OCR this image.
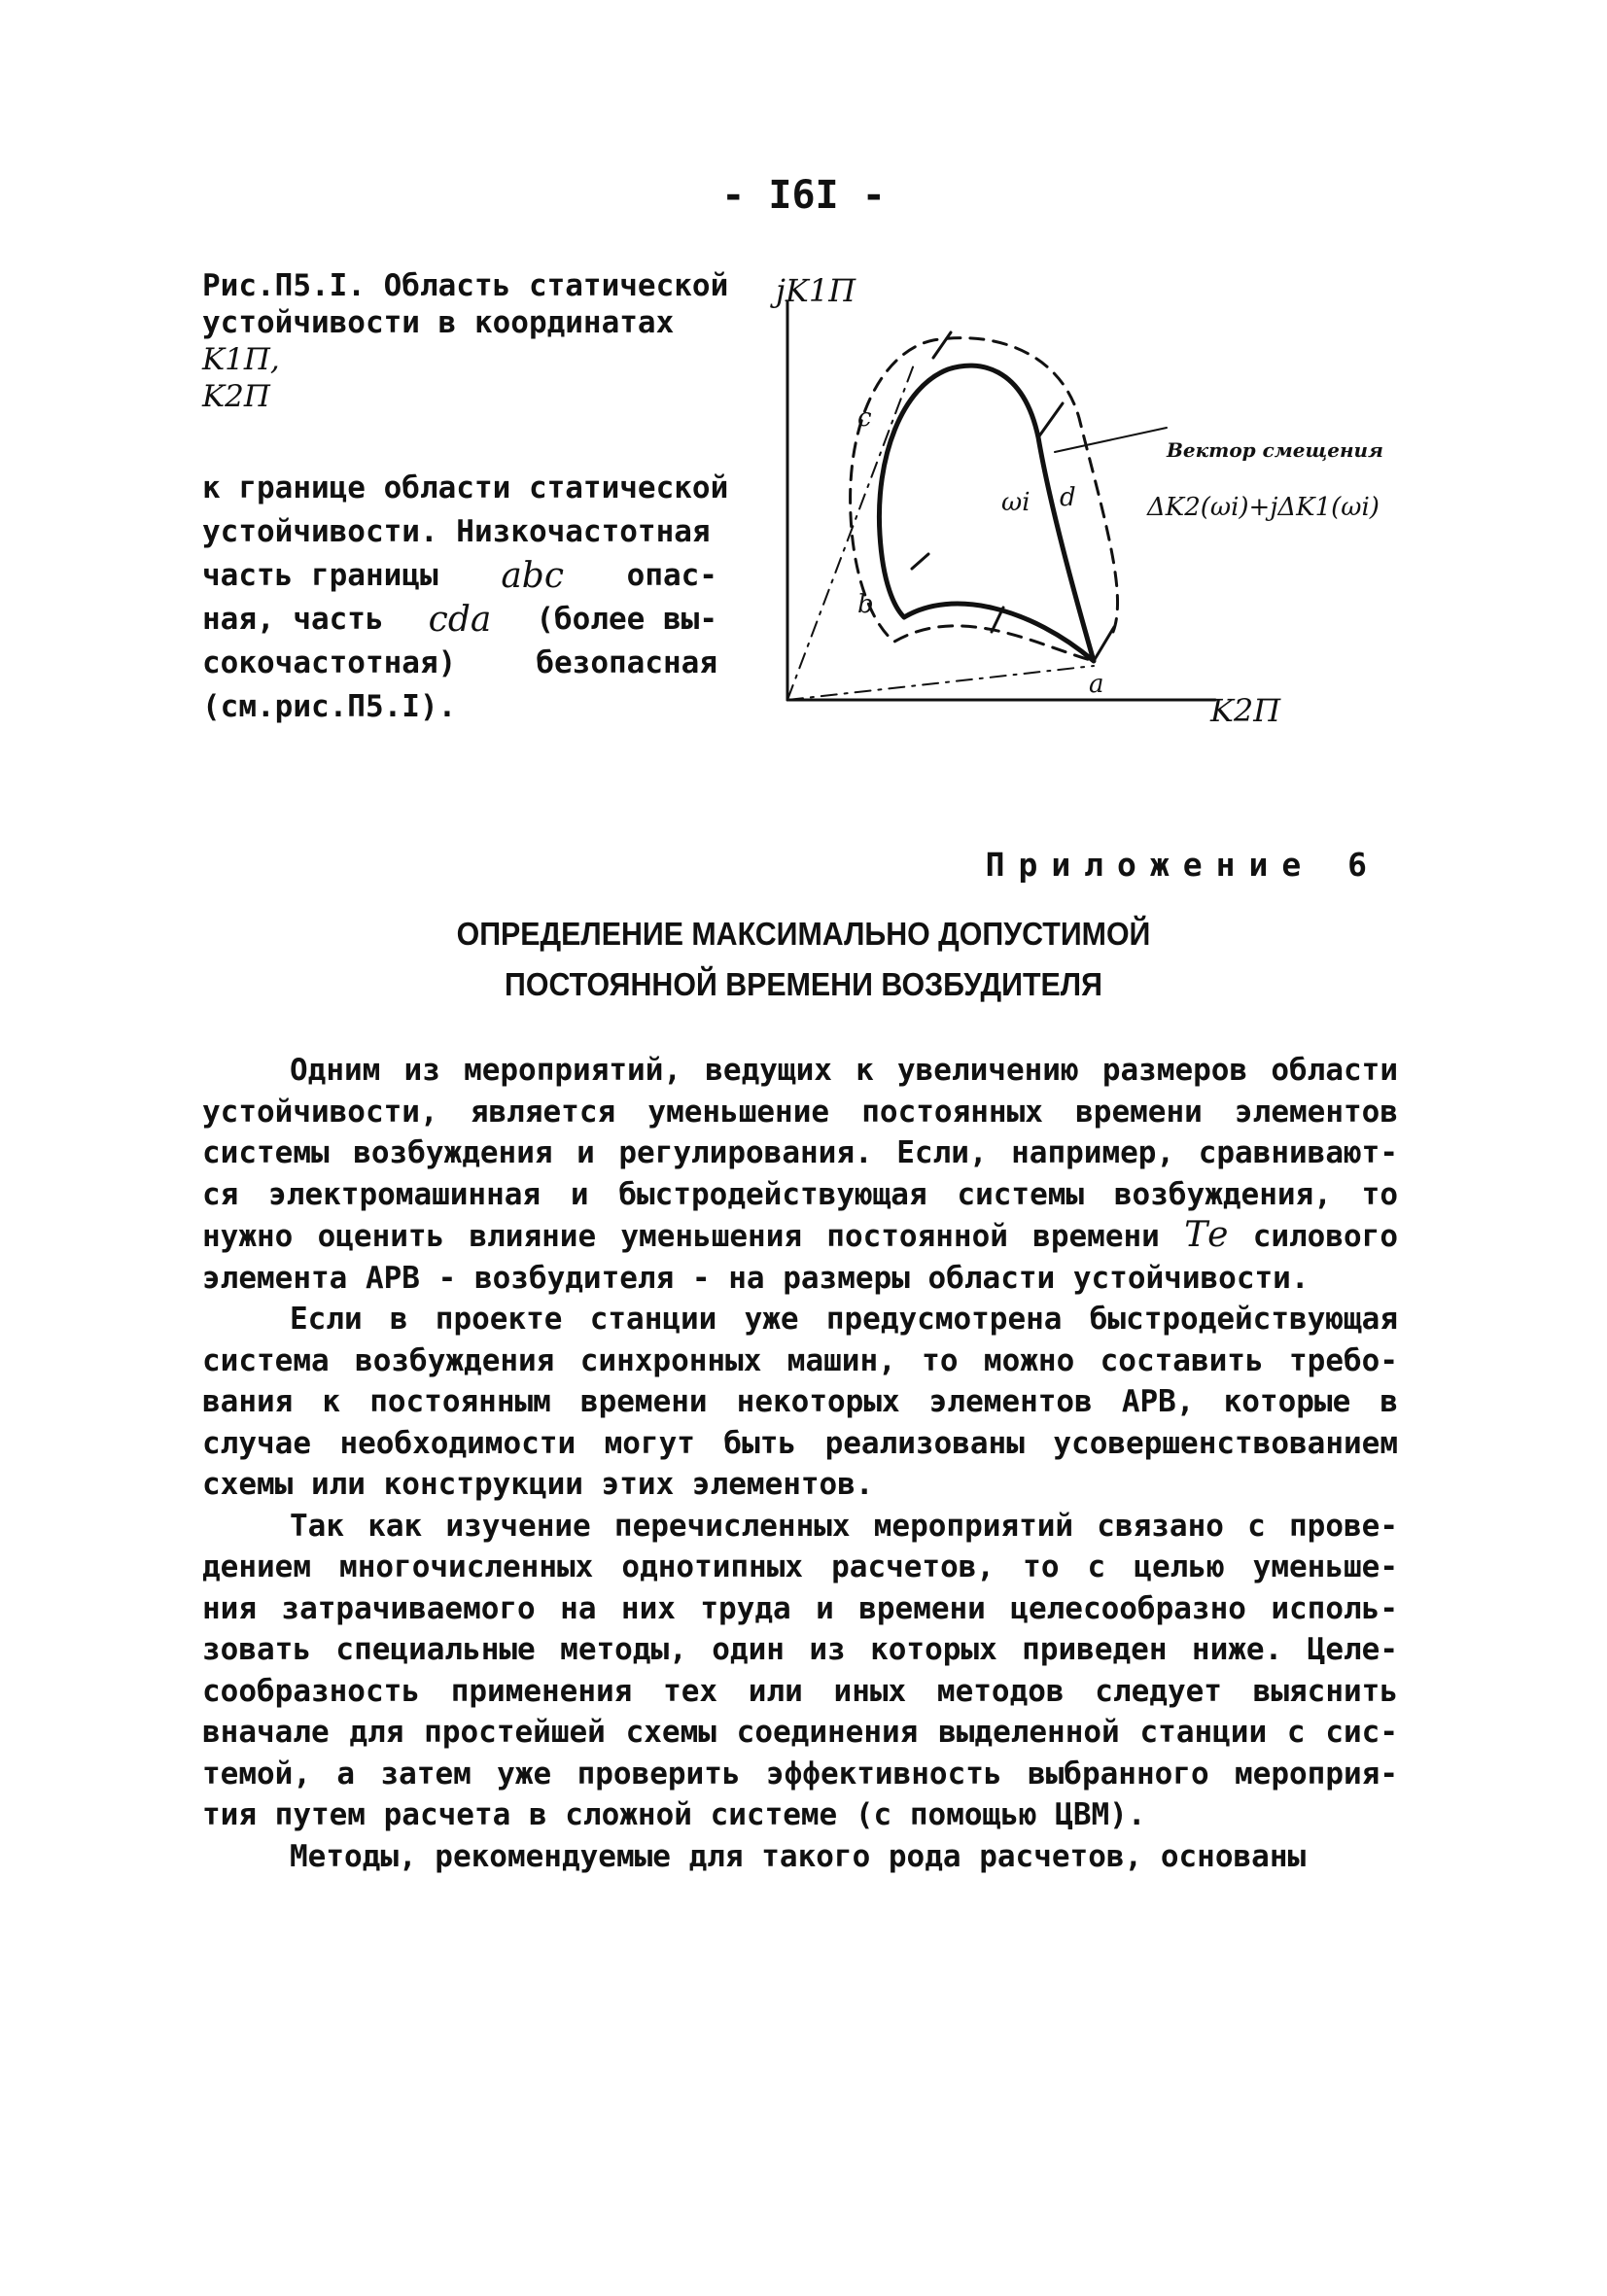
- I6I -
Рис.П5.I. Область статической
устойчивости в координатах K1П,
K2П
к границе области статической
устойчивости. Низкочастотная
часть границы abc опас-
ная, часть cda (более вы-
сокочастотная)	безопасная
(см.рис.П5.I).
jK1П
K2П
a
b
c
d
ωi
Вектор смещения
ΔK2(ωi)+jΔK1(ωi)
Приложение 6
ОПРЕДЕЛЕНИЕ МАКСИМАЛЬНО ДОПУСТИМОЙ
ПОСТОЯННОЙ ВРЕМЕНИ ВОЗБУДИТЕЛЯ
Одним из мероприятий, ведущих к увеличению размеров области
устойчивости, является уменьшение постоянных времени элементов
системы возбуждения и регулирования. Если, например, сравнивают-
ся электромашинная и быстродействующая системы возбуждения, то
нужно оценить влияние уменьшения постоянной времени Tе силового
элемента АРВ - возбудителя - на размеры области устойчивости.
Если в проекте станции уже предусмотрена быстродействующая
система возбуждения синхронных машин, то можно составить требо-
вания к постоянным времени некоторых элементов АРВ, которые в
случае необходимости могут быть реализованы усовершенствованием
схемы или конструкции этих элементов.
Так как изучение перечисленных мероприятий связано с прове-
дением многочисленных однотипных расчетов, то с целью уменьше-
ния затрачиваемого на них труда и времени целесообразно исполь-
зовать специальные методы, один из которых приведен ниже. Целе-
сообразность применения тех или иных методов следует выяснить
вначале для простейшей схемы соединения выделенной станции с сис-
темой, а затем уже проверить эффективность выбранного мероприя-
тия путем расчета в сложной системе (с помощью ЦВМ).
Методы, рекомендуемые для такого рода расчетов, основаны
